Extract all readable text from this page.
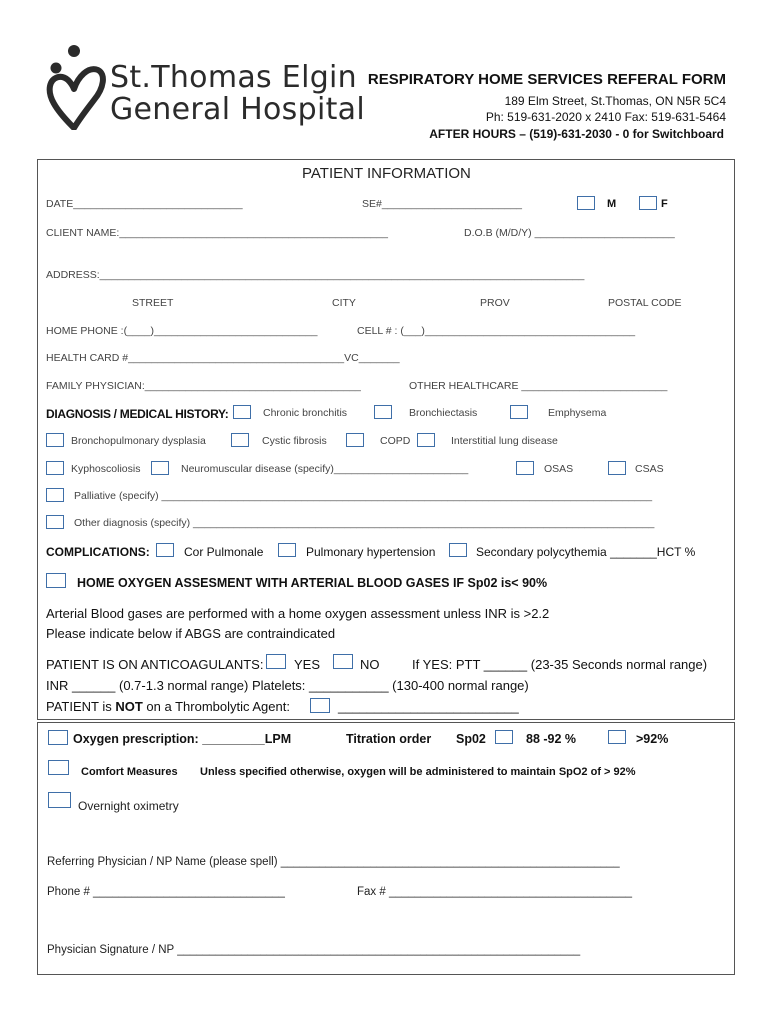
St.Thomas Elgin
General Hospital
RESPIRATORY HOME SERVICES REFERAL FORM
189 Elm Street, St.Thomas, ON N5R 5C4
Ph: 519-631-2020 x 2410 Fax: 519-631-5464
AFTER HOURS – (519)-631-2030 - 0 for Switchboard
PATIENT INFORMATION
DATE_____________________________	SE#________________________	M	F
CLIENT NAME:______________________________________________	D.O.B (M/D/Y) ________________________
ADDRESS:___________________________________________________________________________________
STREET	CITY	PROV	POSTAL CODE
HOME PHONE :(____)____________________________	CELL # : (___)____________________________________
HEALTH CARD #_____________________________________VC_______
FAMILY PHYSICIAN:_____________________________________	OTHER HEALTHCARE _________________________
DIAGNOSIS / MEDICAL HISTORY:	Chronic bronchitis	Bronchiectasis	Emphysema
Bronchopulmonary dysplasia	Cystic fibrosis	COPD	Interstitial lung disease
Kyphoscoliosis	Neuromuscular disease (specify)_______________________	OSAS	CSAS
Palliative (specify) ____________________________________________________________________________________
Other diagnosis (specify) _______________________________________________________________________________
COMPLICATIONS:	Cor Pulmonale	Pulmonary hypertension	Secondary polycythemia _______HCT %
HOME OXYGEN ASSESMENT WITH ARTERIAL BLOOD GASES IF Sp02 is< 90%
Arterial Blood gases are performed with a home oxygen assessment unless INR is >2.2
Please indicate below if ABGS are contraindicated
PATIENT IS ON ANTICOAGULANTS: YES	NO	If YES: PTT ______ (23-35 Seconds normal range)
INR ______ (0.7-1.3 normal range) Platelets: ___________ (130-400 normal range)
PATIENT is NOT on a Thrombolytic Agent:	_________________________
Oxygen prescription: _________LPM	Titration order Sp02	88 -92 %	>92%
Comfort Measures Unless specified otherwise, oxygen will be administered to maintain SpO2 of > 92%
Overnight oximetry
Referring Physician / NP Name (please spell) _____________________________________________________
Phone # ______________________________	Fax # ______________________________________
Physician Signature / NP _______________________________________________________________
